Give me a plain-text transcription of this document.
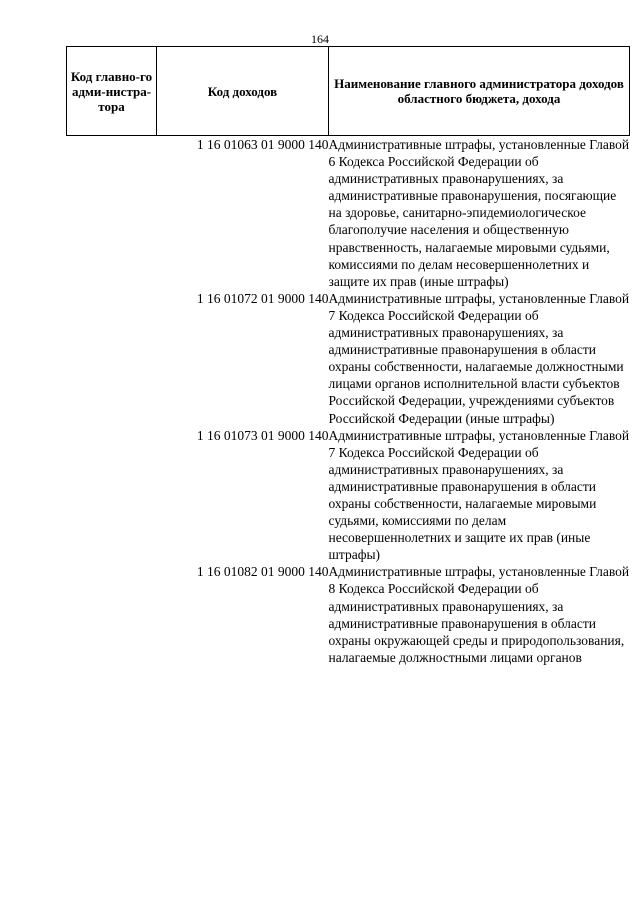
164
Код главно-го адми-нистра-тора	Код доходов	Наименование главного администратора доходов областного бюджета, дохода
	1 16 01063 01 9000 140	Административные штрафы, установленные Главой 6 Кодекса Российской Федерации об административных правонарушениях, за административные правонарушения, посягающие на здоровье, санитарно-эпидемиологическое благополучие населения и общественную нравственность, налагаемые мировыми судьями, комиссиями по делам несовершеннолетних и защите их прав (иные штрафы)
	1 16 01072 01 9000 140	Административные штрафы, установленные Главой 7 Кодекса Российской Федерации об административных правонарушениях, за административные правонарушения в области охраны собственности, налагаемые должностными лицами органов исполнительной власти субъектов Российской Федерации, учреждениями субъектов Российской Федерации (иные штрафы)
	1 16 01073 01 9000 140	Административные штрафы, установленные Главой 7 Кодекса Российской Федерации об административных правонарушениях, за административные правонарушения в области охраны собственности, налагаемые мировыми судьями, комиссиями по делам несовершеннолетних и защите их прав (иные штрафы)
	1 16 01082 01 9000 140	Административные штрафы, установленные Главой 8 Кодекса Российской Федерации об административных правонарушениях, за административные правонарушения в области охраны окружающей среды и природопользования, налагаемые должностными лицами органов
